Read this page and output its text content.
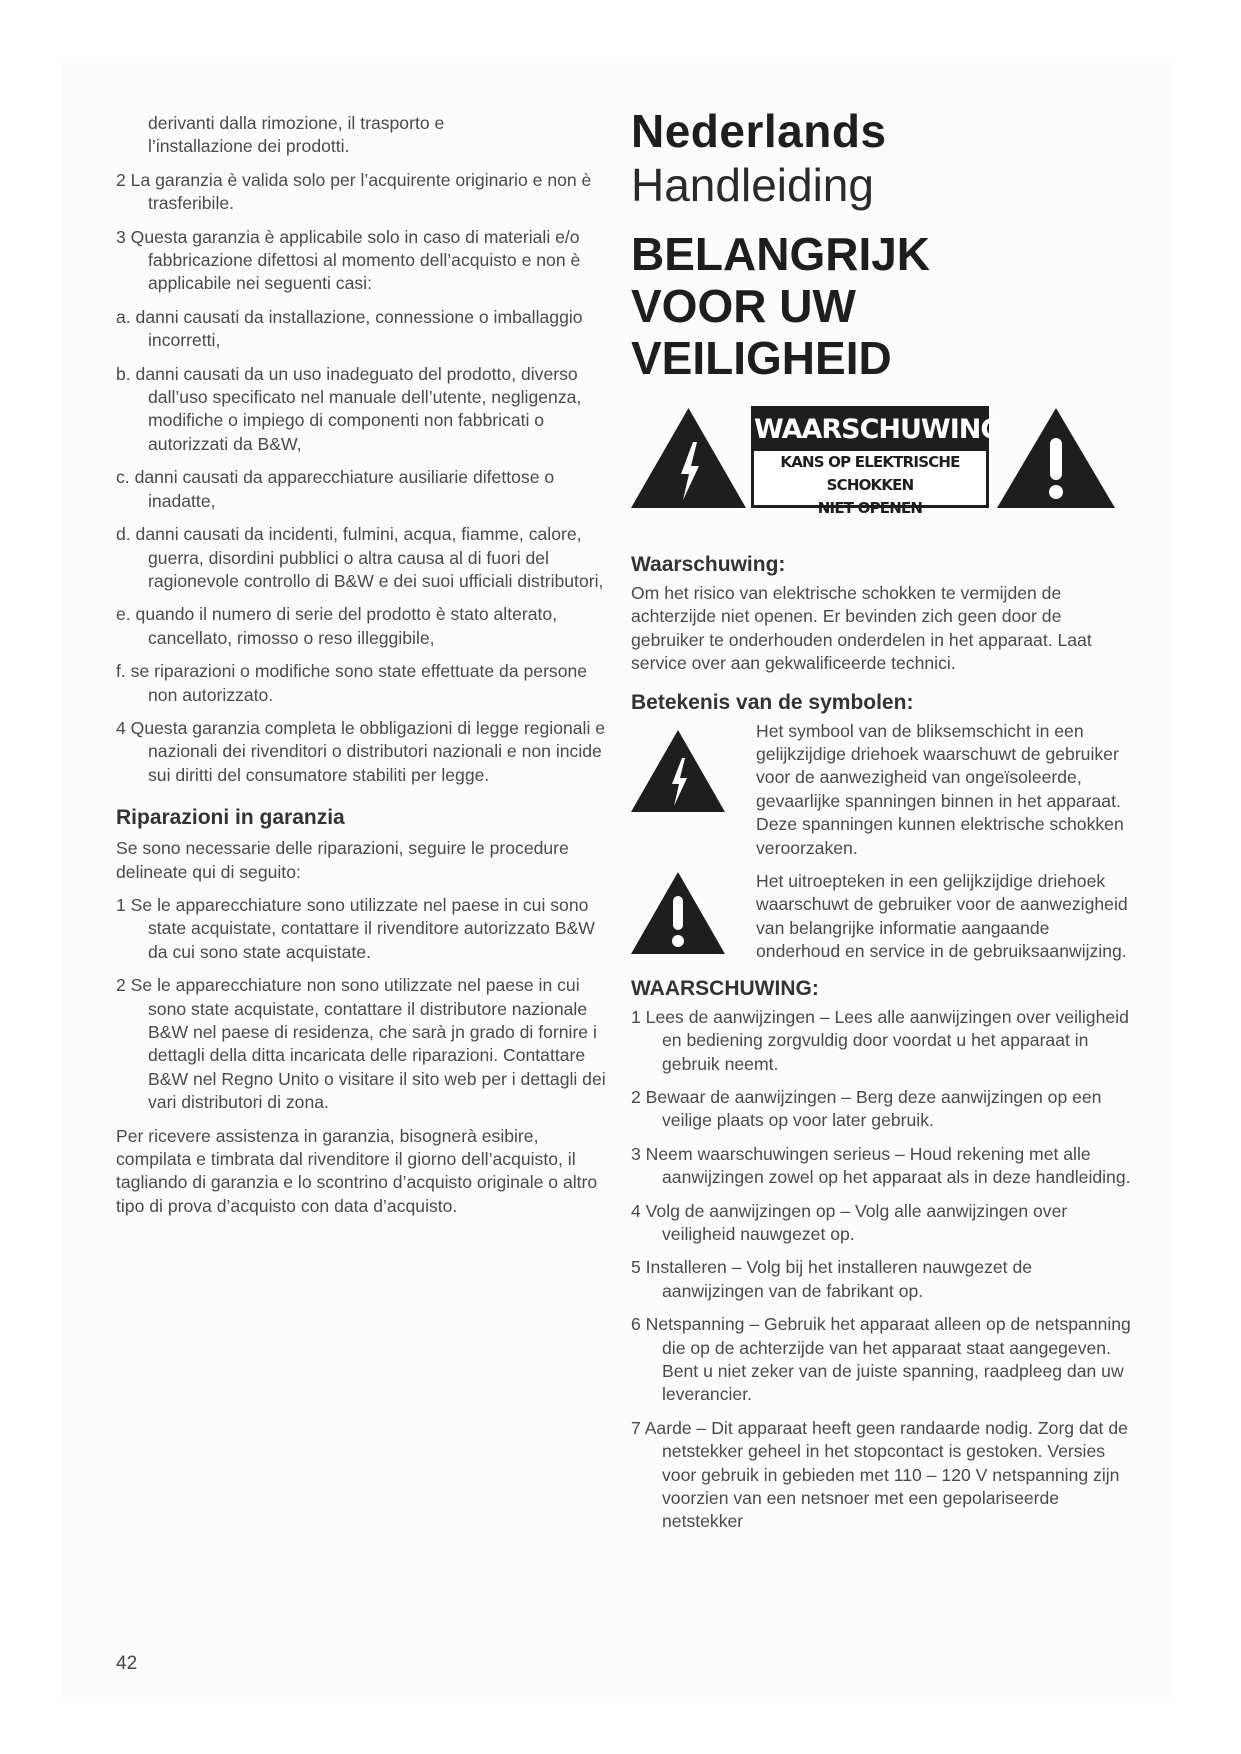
derivanti dalla rimozione, il trasporto e

l’installazione dei prodotti.

2 La garanzia è valida solo per l’acquirente originario e non è trasferibile.

3 Questa garanzia è applicabile solo in caso di materiali e/o fabbricazione difettosi al momento dell’acquisto e non è applicabile nei seguenti casi:

a. danni causati da installazione, connessione o imballaggio incorretti,

b. danni causati da un uso inadeguato del prodotto, diverso dall’uso specificato nel manuale dell’utente, negligenza, modifiche o impiego di componenti non fabbricati o autorizzati da B&W,

c. danni causati da apparecchiature ausiliarie difettose o inadatte,

d. danni causati da incidenti, fulmini, acqua, fiamme, calore, guerra, disordini pubblici o altra causa al di fuori del ragionevole controllo di B&W e dei suoi ufficiali distributori,

e. quando il numero di serie del prodotto è stato alterato, cancellato, rimosso o reso illeggibile,

f. se riparazioni o modifiche sono state effettuate da persone non autorizzato.

4 Questa garanzia completa le obbligazioni di legge regionali e nazionali dei rivenditori o distributori nazionali e non incide sui diritti del consumatore stabiliti per legge.

Riparazioni in garanzia

Se sono necessarie delle riparazioni, seguire le procedure delineate qui di seguito:

1 Se le apparecchiature sono utilizzate nel paese in cui sono state acquistate, contattare il rivenditore autorizzato B&W da cui sono state acquistate.

2 Se le apparecchiature non sono utilizzate nel paese in cui sono state acquistate, contattare il distributore nazionale B&W nel paese di residenza, che sarà jn grado di fornire i dettagli della ditta incaricata delle riparazioni. Contattare B&W nel Regno Unito o visitare il sito web per i dettagli dei vari distributori di zona.

Per ricevere assistenza in garanzia, bisognerà esibire, compilata e timbrata dal rivenditore il giorno dell’acquisto, il tagliando di garanzia e lo scontrino d’acquisto originale o altro tipo di prova d’acquisto con data d’acquisto.

Nederlands
Handleiding
BELANGRIJK
VOOR UW
VEILIGHEID
WAARSCHUWING
KANS OP ELEKTRISCHE SCHOKKEN
NIET OPENEN
Waarschuwing:

Om het risico van elektrische schokken te vermijden de achterzijde niet openen. Er bevinden zich geen door de gebruiker te onderhouden onderdelen in het apparaat. Laat service over aan gekwalificeerde technici.

Betekenis van de symbolen:

Het symbool van de bliksemschicht in een gelijkzijdige driehoek waarschuwt de gebruiker voor de aanwezigheid van ongeïsoleerde, gevaarlijke spanningen binnen in het apparaat. Deze spanningen kunnen elektrische schokken veroorzaken.

Het uitroepteken in een gelijkzijdige driehoek waarschuwt de gebruiker voor de aanwezigheid van belangrijke informatie aangaande onderhoud en service in de gebruiksaanwijzing.

WAARSCHUWING:

1 Lees de aanwijzingen – Lees alle aanwijzingen over veiligheid en bediening zorgvuldig door voordat u het apparaat in gebruik neemt.

2 Bewaar de aanwijzingen – Berg deze aanwijzingen op een veilige plaats op voor later gebruik.

3 Neem waarschuwingen serieus – Houd rekening met alle aanwijzingen zowel op het apparaat als in deze handleiding.

4 Volg de aanwijzingen op – Volg alle aanwijzingen over veiligheid nauwgezet op.

5 Installeren – Volg bij het installeren nauwgezet de aanwijzingen van de fabrikant op.

6 Netspanning – Gebruik het apparaat alleen op de netspanning die op de achterzijde van het apparaat staat aangegeven. Bent u niet zeker van de juiste spanning, raadpleeg dan uw leverancier.

7 Aarde – Dit apparaat heeft geen randaarde nodig. Zorg dat de netstekker geheel in het stopcontact is gestoken. Versies voor gebruik in gebieden met 110 – 120 V netspanning zijn voorzien van een netsnoer met een gepolariseerde netstekker

42
